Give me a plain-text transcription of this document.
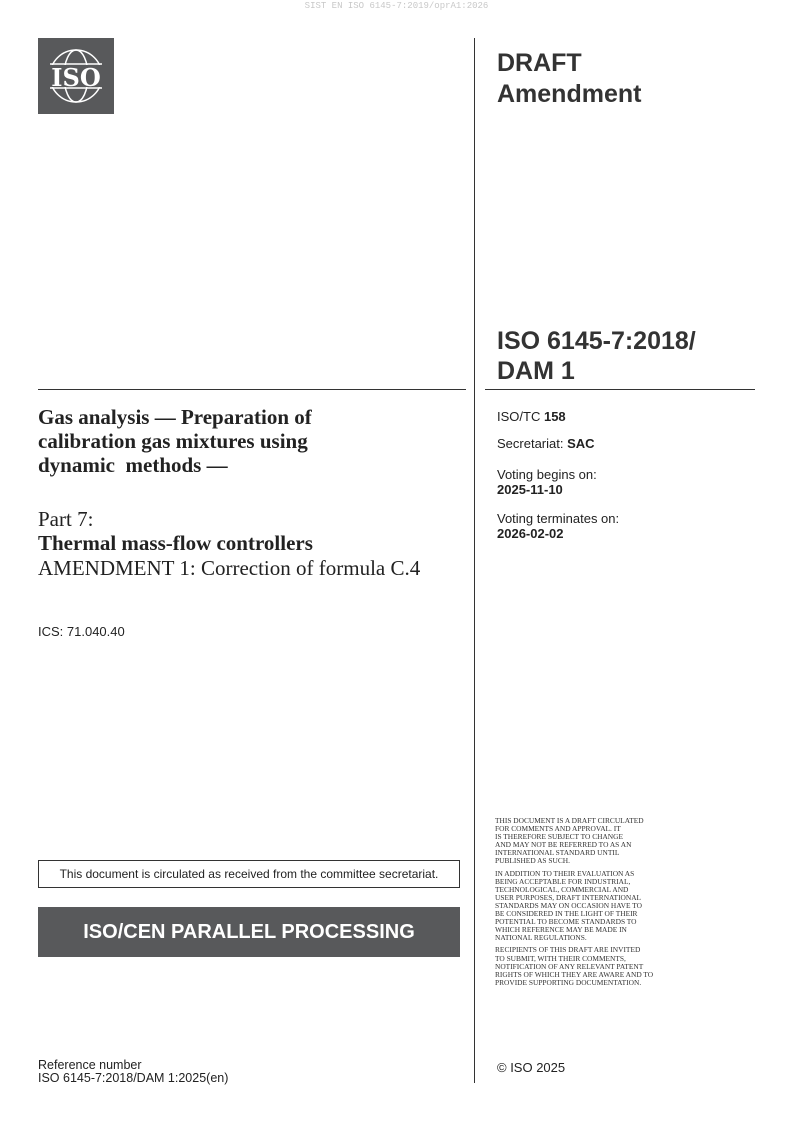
SIST EN ISO 6145-7:2019/oprA1:2026
ISO	DRAFT
Amendment
ISO 6145-7:2018/
DAM 1
ISO/TC 158
Secretariat: SAC
Voting begins on:
2025-11-10
Voting terminates on:
2026-02-02
Gas analysis — Preparation of
calibration gas mixtures using
dynamic  methods —
Part 7:
Thermal mass-flow controllers
AMENDMENT 1: Correction of formula C.4
ICS: 71.040.40
This document is circulated as received from the committee secretariat.
ISO/CEN PARALLEL PROCESSING

THIS DOCUMENT IS A DRAFT CIRCULATED
FOR COMMENTS AND APPROVAL. IT
IS THEREFORE SUBJECT TO CHANGE
AND MAY NOT BE REFERRED TO AS AN
INTERNATIONAL STANDARD UNTIL
PUBLISHED AS SUCH.

IN ADDITION TO THEIR EVALUATION AS
BEING ACCEPTABLE FOR INDUSTRIAL,
TECHNOLOGICAL, COMMERCIAL AND
USER PURPOSES, DRAFT INTERNATIONAL
STANDARDS MAY ON OCCASION HAVE TO
BE CONSIDERED IN THE LIGHT OF THEIR
POTENTIAL TO BECOME STANDARDS TO
WHICH REFERENCE MAY BE MADE IN
NATIONAL REGULATIONS.

RECIPIENTS OF THIS DRAFT ARE INVITED
TO SUBMIT, WITH THEIR COMMENTS,
NOTIFICATION OF ANY RELEVANT PATENT
RIGHTS OF WHICH THEY ARE AWARE AND TO
PROVIDE SUPPORTING DOCUMENTATION.

© ISO 2025
Reference number
ISO 6145-7:2018/DAM 1:2025(en)
